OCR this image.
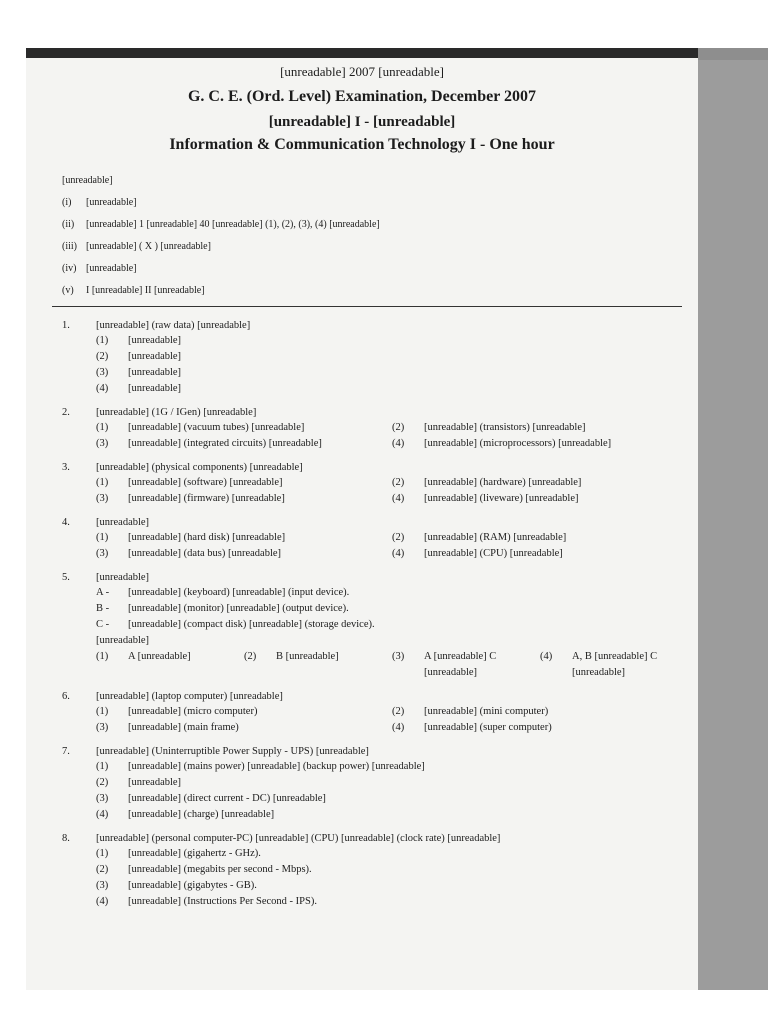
[unreadable] 2007 [unreadable]
G. C. E. (Ord. Level) Examination, December 2007
[unreadable] I - [unreadable]
Information & Communication Technology I - One hour
[unreadable]
(i)	[unreadable]
(ii)	[unreadable] 1 [unreadable] 40 [unreadable] (1), (2), (3), (4) [unreadable]
(iii) [unreadable] ( X ) [unreadable]
(iv) [unreadable]
(v)	I [unreadable] II [unreadable]
1.	[unreadable] (raw data) [unreadable]
(1)	[unreadable]
(2)	[unreadable]
(3)	[unreadable]
(4)	[unreadable]
2.	[unreadable] (1G / IGen) [unreadable]
(1)	[unreadable] (vacuum tubes) [unreadable]	(2)	[unreadable] (transistors) [unreadable]
(3)	[unreadable] (integrated circuits) [unreadable]	(4)	[unreadable] (microprocessors) [unreadable]
3.	[unreadable] (physical components) [unreadable]
(1)	[unreadable] (software) [unreadable]	(2)	[unreadable] (hardware) [unreadable]
(3)	[unreadable] (firmware) [unreadable]	(4)	[unreadable] (liveware) [unreadable]
4.	[unreadable]
(1)	[unreadable] (hard disk) [unreadable]	(2)	[unreadable] (RAM) [unreadable]
(3)	[unreadable] (data bus) [unreadable]	(4)	[unreadable] (CPU) [unreadable]
5.	[unreadable]
A -	[unreadable] (keyboard) [unreadable] (input device).
B -	[unreadable] (monitor) [unreadable] (output device).
C -	[unreadable] (compact disk) [unreadable] (storage device).
[unreadable]
(1)	A [unreadable]	(2)	B [unreadable]	(3)	A [unreadable] C [unreadable]
(4)	A, B [unreadable] C [unreadable]
6.	[unreadable] (laptop computer) [unreadable]
(1)	[unreadable] (micro computer)	(2)	[unreadable] (mini computer)
(3)	[unreadable] (main frame)	(4)	[unreadable] (super computer)
7.	[unreadable] (Uninterruptible Power Supply - UPS) [unreadable]
(1)	[unreadable] (mains power) [unreadable] (backup power) [unreadable]
(2)	[unreadable]
(3)	[unreadable] (direct current - DC) [unreadable]
(4)	[unreadable] (charge) [unreadable]
8.	[unreadable] (personal computer-PC) [unreadable] (CPU) [unreadable] (clock rate) [unreadable]
(1)	[unreadable] (gigahertz - GHz).
(2)	[unreadable] (megabits per second - Mbps).
(3)	[unreadable] (gigabytes - GB).
(4)	[unreadable] (Instructions Per Second - IPS).
